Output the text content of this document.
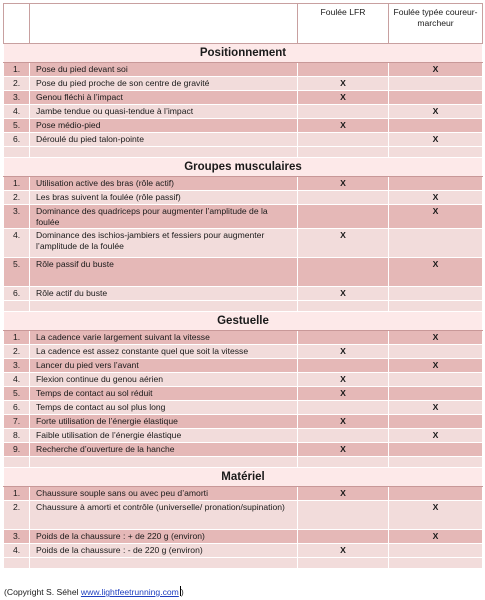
		Foulée LFR	Foulée typée coureur-marcheur
Positionnement			
1.	Pose du pied devant soi		X
2.	Pose du pied proche de son centre de gravité	X	
3.	Genou fléchi à l’impact	X	
4.	Jambe tendue ou quasi-tendue à l’impact		X
5.	Pose médio-pied	X	
6.	Déroulé du pied talon-pointe		X

Groupes musculaires			
1.	Utilisation active des bras (rôle actif)	X	
2.	Les bras suivent la foulée (rôle passif)		X
3.	Dominance des quadriceps pour augmenter l’amplitude de la foulée		X
4.	Dominance des ischios-jambiers et fessiers pour augmenter l’amplitude de la foulée	X	
5.	Rôle passif du buste		X
6.	Rôle actif du buste	X	

Gestuelle			
1.	La cadence varie largement suivant la vitesse		X
2.	La cadence est assez constante quel que soit la vitesse	X	
3.	Lancer du pied vers l’avant		X
4.	Flexion continue du genou aérien	X	
5.	Temps de contact au sol réduit	X	
6.	Temps de contact au sol plus long		X
7.	Forte utilisation de l’énergie élastique	X	
8.	Faible utilisation de l’énergie élastique		X
9.	Recherche d’ouverture de la hanche	X	

Matériel			
1.	Chaussure souple sans ou avec peu d’amorti	X	
2.	Chaussure à amorti et contrôle (universelle/ pronation/supination)		X
3.	Poids de la chaussure : + de 220 g (environ)		X
4.	Poids de la chaussure : - de 220 g (environ)	X	

(Copyright S. Séhel www.lightfeetrunning.com )
